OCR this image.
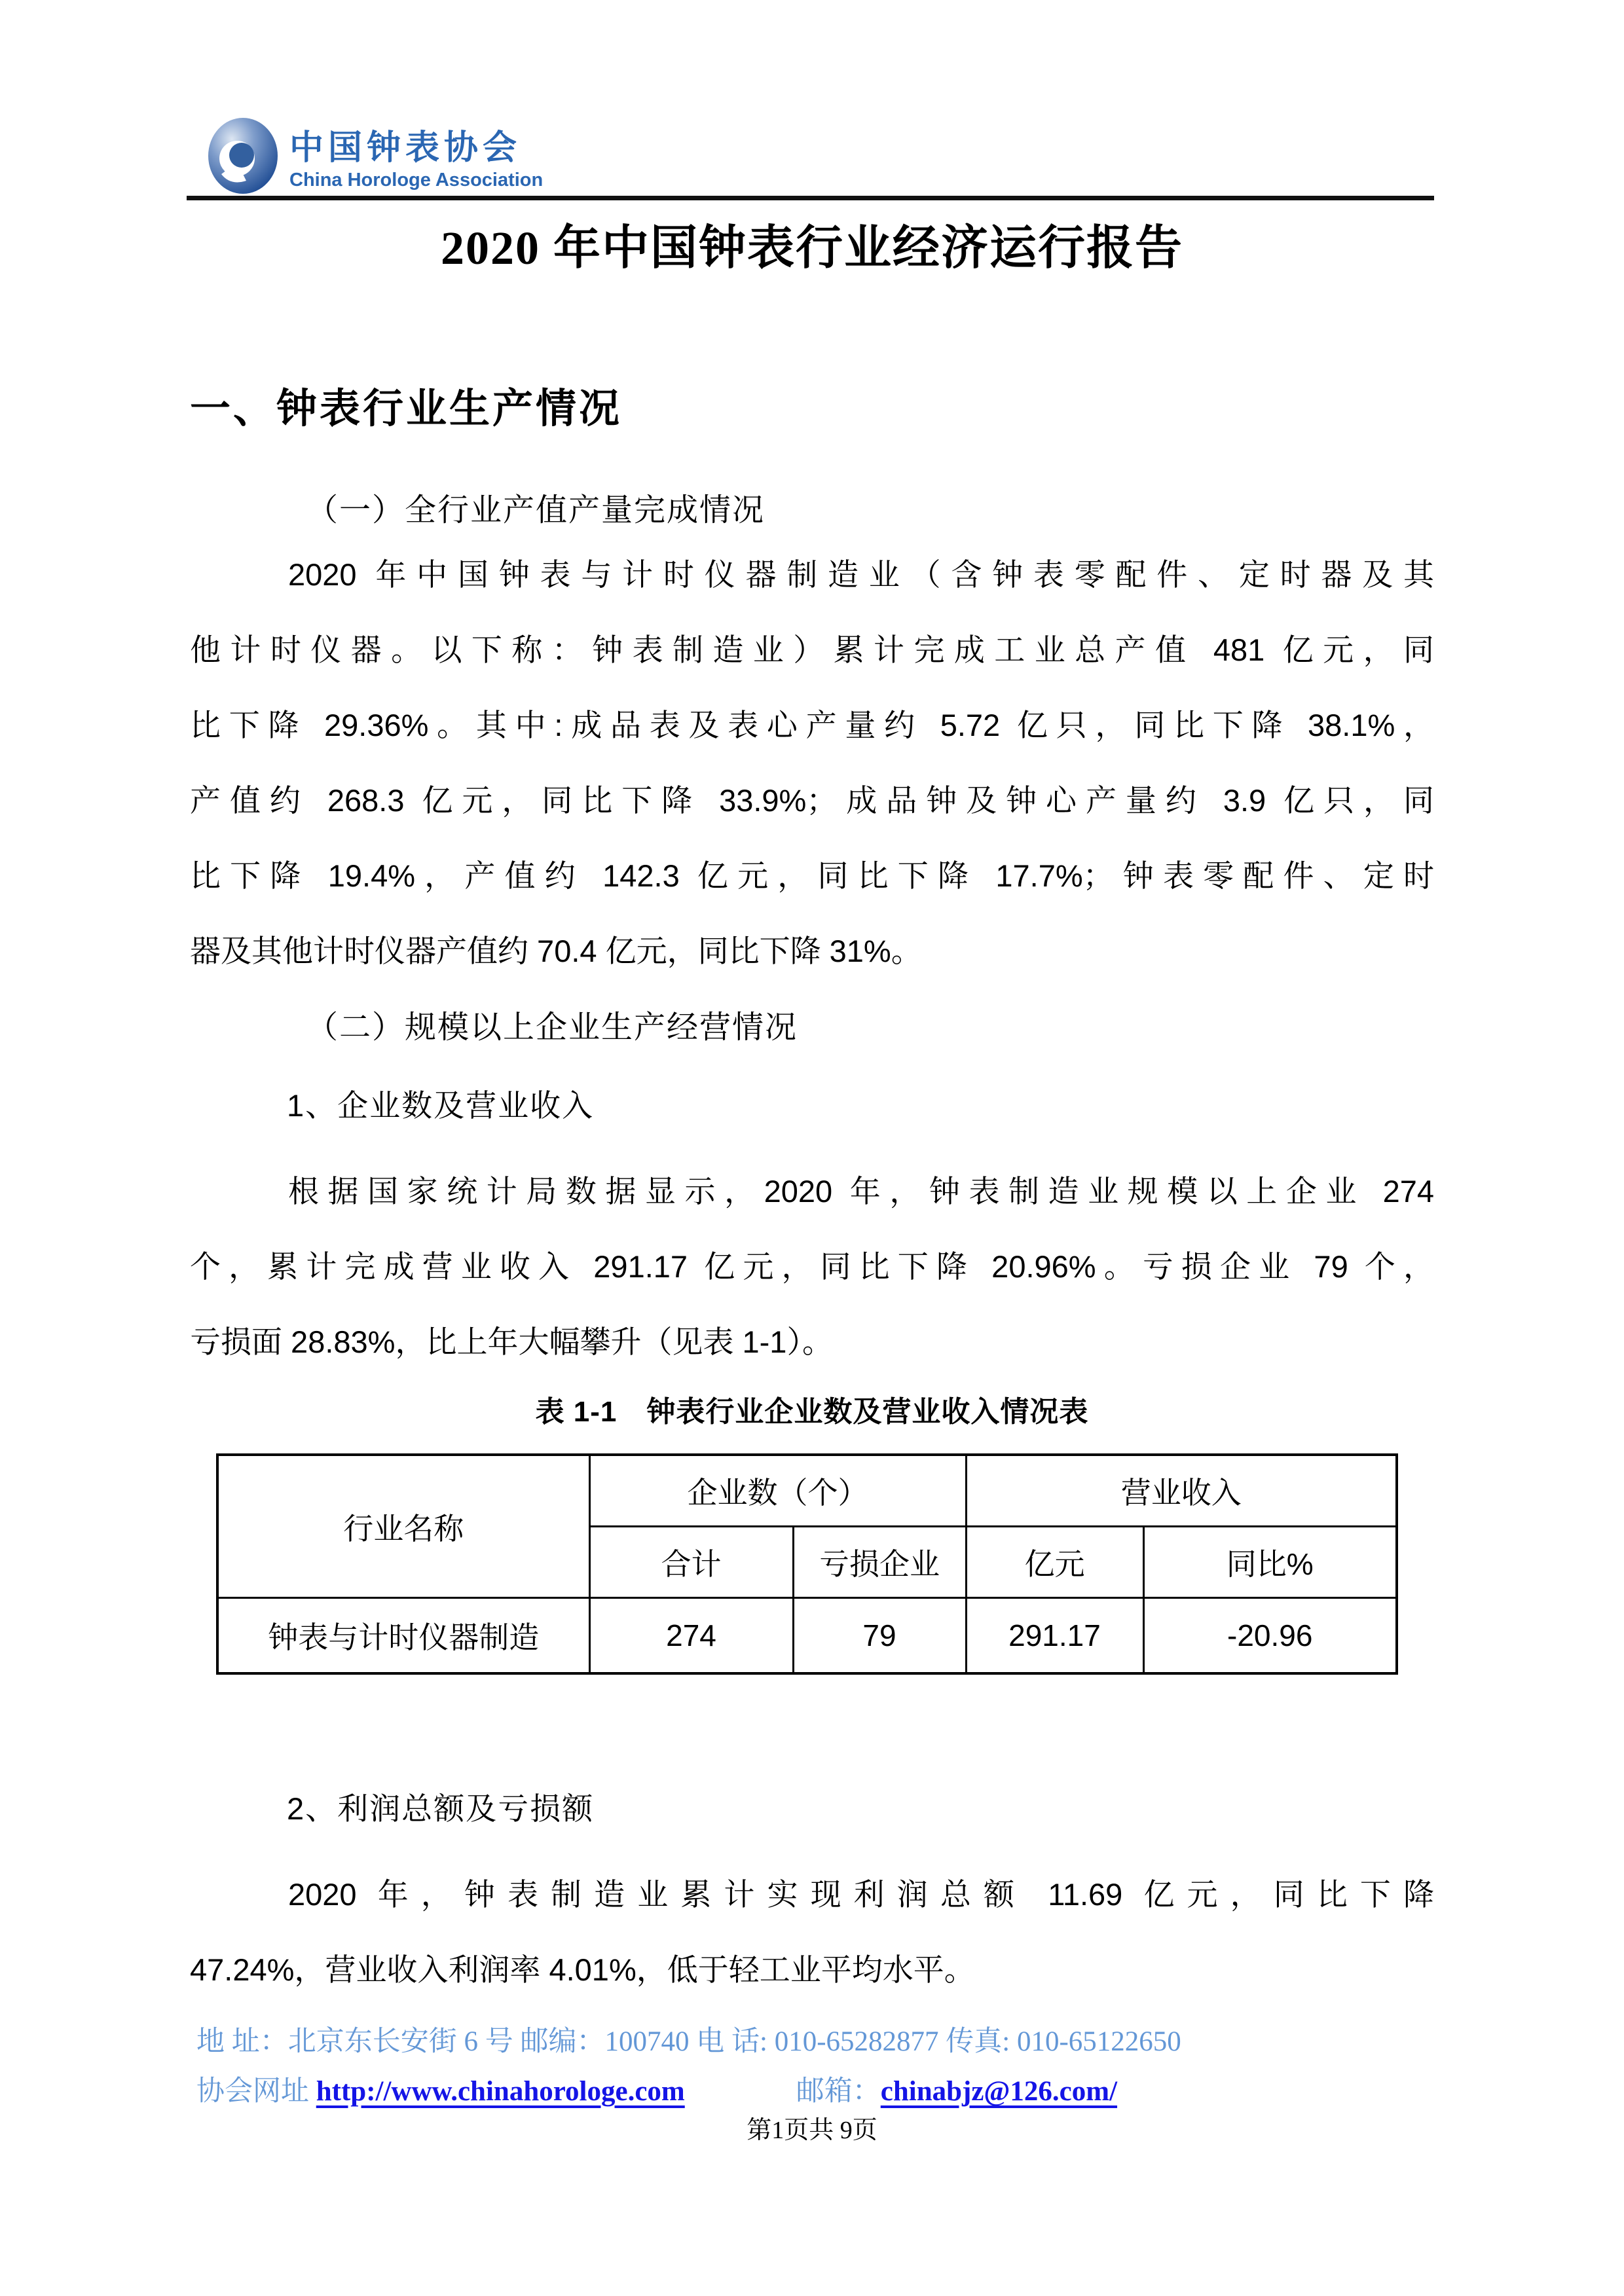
中国钟表协会
China Horologe Association
2020 年中国钟表行业经济运行报告
一、钟表行业生产情况
（一）全行业产值产量完成情况
2020 年中国钟表与计时仪器制造业（含钟表零配件、定时器及其
他计时仪器。以下称：钟表制造业）累计完成工业总产值 481 亿元，同
比下降 29.36%。其中:成品表及表心产量约 5.72 亿只，同比下降 38.1%，
产值约 268.3 亿元，同比下降 33.9%；成品钟及钟心产量约 3.9 亿只，同
比下降 19.4%，产值约 142.3 亿元，同比下降 17.7%；钟表零配件、定时
器及其他计时仪器产值约 70.4 亿元，同比下降 31%。
（二）规模以上企业生产经营情况
1、企业数及营业收入
根据国家统计局数据显示，2020 年，钟表制造业规模以上企业 274
个，累计完成营业收入 291.17 亿元，同比下降 20.96%。亏损企业 79 个，
亏损面 28.83%，比上年大幅攀升（见表 1-1）。
表 1-1　钟表行业企业数及营业收入情况表
行业名称	企业数（个）		营业收入	
	合计	亏损企业	亿元	同比%
钟表与计时仪器制造	274	79	291.17	-20.96
2、利润总额及亏损额
2020 年，钟表制造业累计实现利润总额 11.69 亿元，同比下降
47.24%，营业收入利润率 4.01%，低于轻工业平均水平。
地 址：北京东长安街 6 号 邮编：100740 电 话: 010-65282877 传真: 010-65122650
协会网址 http://www.chinahorologe.com	邮箱：chinabjz@126.com/
第1页共 9页
